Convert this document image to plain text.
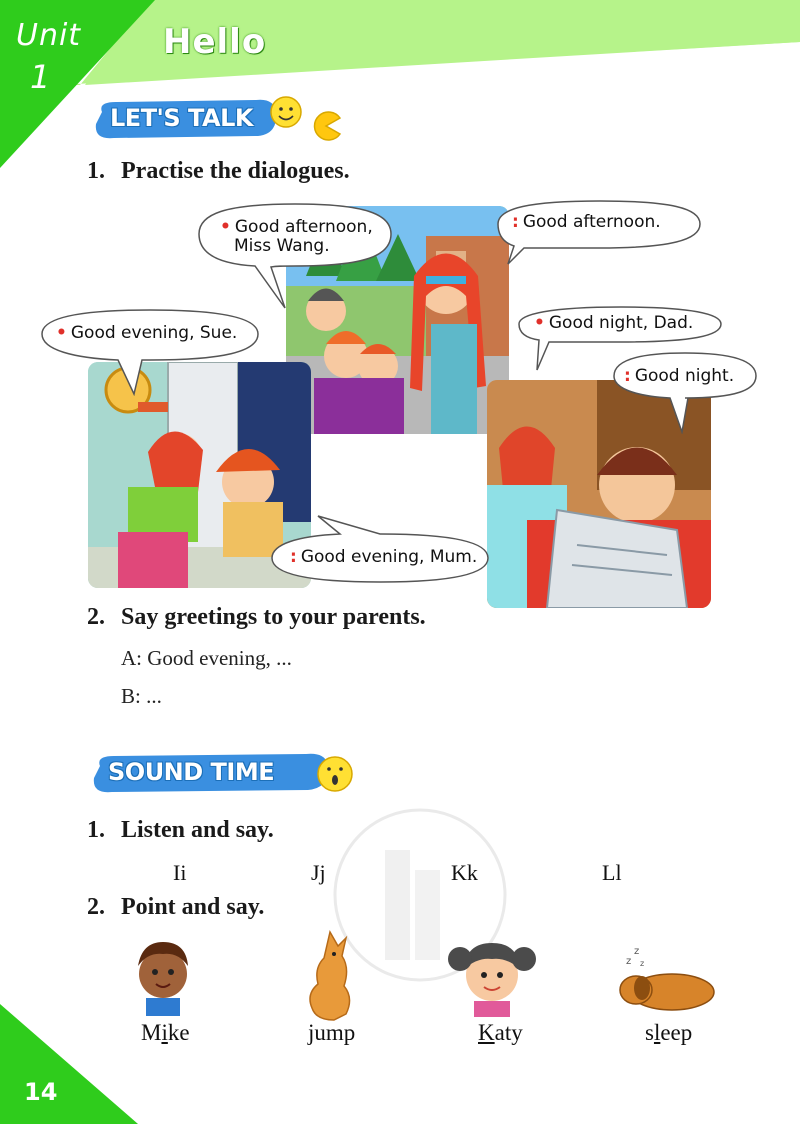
Unit
1
Hello
LET'S TALK
1. Practise the dialogues.
• Good afternoon,
Miss Wang.
: Good afternoon.
• Good evening, Sue.
: Good evening, Mum.
• Good night, Dad.
: Good night.
2. Say greetings to your parents.
A: Good evening, ...
B: ...
SOUND TIME
1. Listen and say.
Ii	Jj	Kk	Ll
2. Point and say.
z
z z
Mike	jump	Katy	sleep
14
